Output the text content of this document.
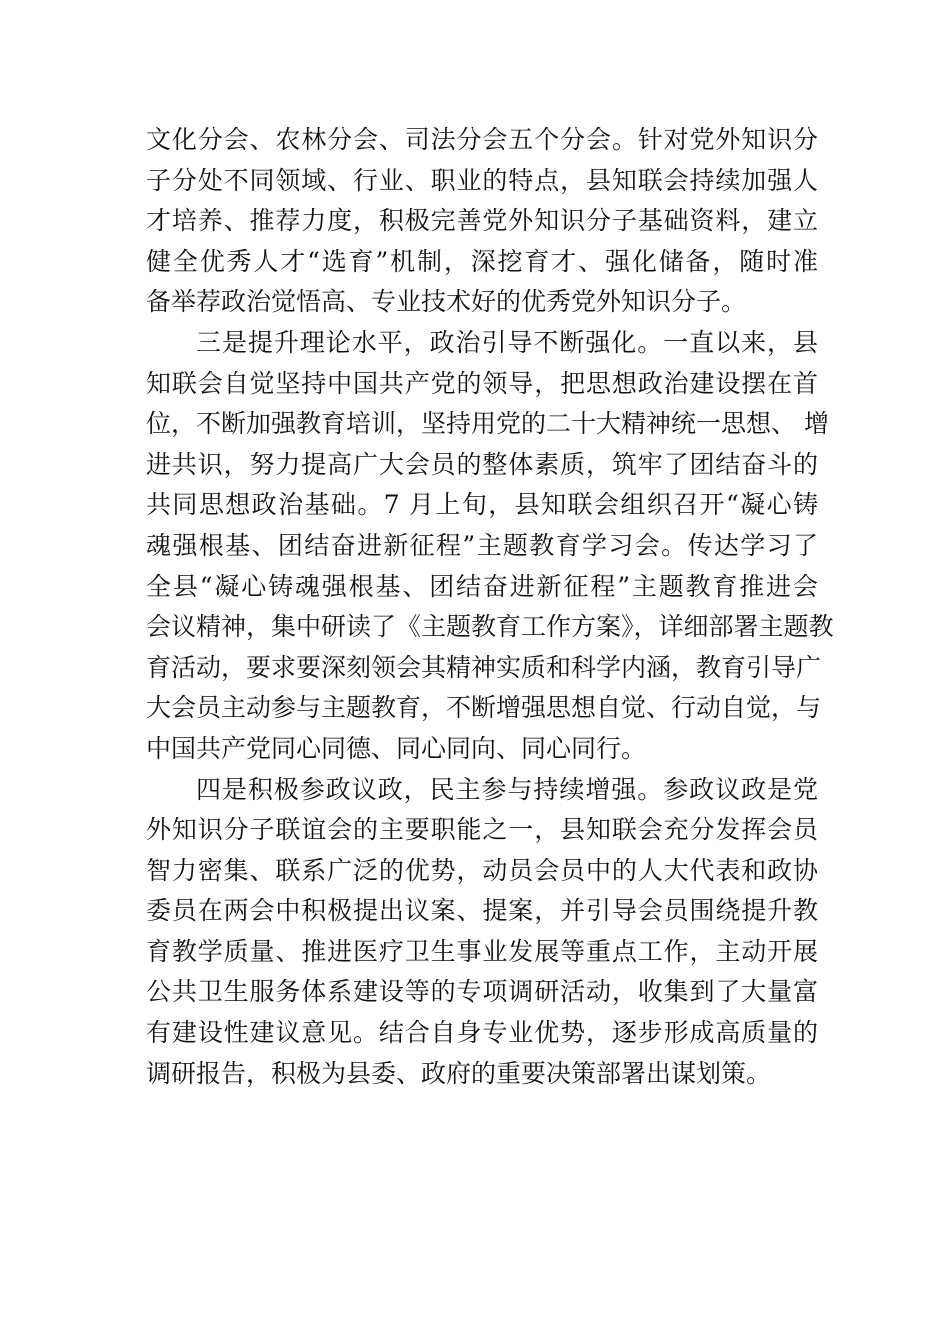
文化分会、农林分会、司法分会五个分会。针对党外知识分
子分处不同领域、行业、职业的特点，县知联会持续加强人
才培养、推荐力度，积极完善党外知识分子基础资料，建立
健全优秀人才“选育”机制，深挖育才、强化储备，随时准
备举荐政治觉悟高、专业技术好的优秀党外知识分子。
三是提升理论水平，政治引导不断强化。一直以来，县
知联会自觉坚持中国共产党的领导，把思想政治建设摆在首
位，不断加强教育培训，坚持用党的二十大精神统一思想、 增
进共识，努力提高广大会员的整体素质，筑牢了团结奋斗的
共同思想政治基础。7 月上旬，县知联会组织召开“凝心铸
魂强根基、团结奋进新征程”主题教育学习会。传达学习了
全县“凝心铸魂强根基、团结奋进新征程”主题教育推进会
会议精神，集中研读了《主题教育工作方案》，详细部署主题教
育活动，要求要深刻领会其精神实质和科学内涵，教育引导广
大会员主动参与主题教育，不断增强思想自觉、行动自觉，与
中国共产党同心同德、同心同向、同心同行。
四是积极参政议政，民主参与持续增强。参政议政是党
外知识分子联谊会的主要职能之一，县知联会充分发挥会员
智力密集、联系广泛的优势，动员会员中的人大代表和政协
委员在两会中积极提出议案、提案，并引导会员围绕提升教
育教学质量、推进医疗卫生事业发展等重点工作，主动开展
公共卫生服务体系建设等的专项调研活动，收集到了大量富
有建设性建议意见。结合自身专业优势，逐步形成高质量的
调研报告，积极为县委、政府的重要决策部署出谋划策。
